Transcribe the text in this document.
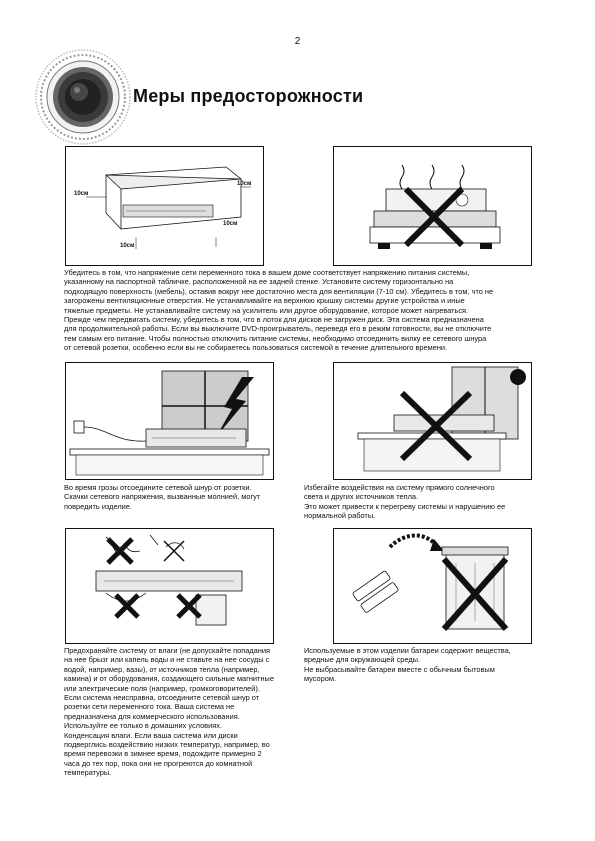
2
Меры предосторожности
10см
10см
10см
10см
Убедитесь в том, что напряжение сети переменного тока в вашем доме соответствует напряжению питания системы,
указанному на паспортной табличке, расположенной на ее задней стенке. Установите систему горизонтально на
подходящую поверхность (мебель), оставив вокруг нее достаточно места для вентиляции (7-10 см). Убедитесь в том, что не
загорожены вентиляционные отверстия. Не устанавливайте на верхнюю крышку системы другие устройства и иные
тяжелые предметы. Не устанавливайте систему на усилитель или другое оборудование, которое может нагреваться.
Прежде чем передвигать систему, убедитесь в том, что в лоток для дисков не загружен диск. Эта система предназначена
для продолжительной работы. Если вы выключите DVD-проигрыватель, переведя его в режим готовности, вы не отключите
тем самым его питание. Чтобы полностью отключить питание системы, необходимо отсоединить вилку ее сетевого шнура
от сетевой розетки, особенно если вы не собираетесь пользоваться системой в течение длительного времени.
Во время грозы отсоедините сетевой шнур от розетки.
Скачки сетевого напряжения, вызванные молнией, могут
повредить изделие.
Избегайте воздействия на систему прямого солнечного
света и других источников тепла.
Это может привести к перегреву системы и нарушению ее
нормальной работы.
Предохраняйте систему от влаги (не допускайте попадания
на нее брызг или капель воды и не ставьте на нее сосуды с
водой, например, вазы), от источников тепла (например,
камина) и от оборудования, создающего сильные магнитные
или электрические поля (например, громкоговорителей).
Если система неисправна, отсоедините сетевой шнур от
розетки сети переменного тока. Ваша система не
предназначена для коммерческого использования.
Используйте ее только в домашних условиях.
Конденсация влаги. Если ваша система или диски
подверглись воздействию низких температур, например, во
время перевозки в зимнее время, подождите примерно 2
часа до тех пор, пока они не прогреются до комнатной
температуры.
Используемые в этом изделии батареи содержит вещества,
вредные для окружающей среды.
Не выбрасывайте батареи вместе с обычным бытовым
мусором.
